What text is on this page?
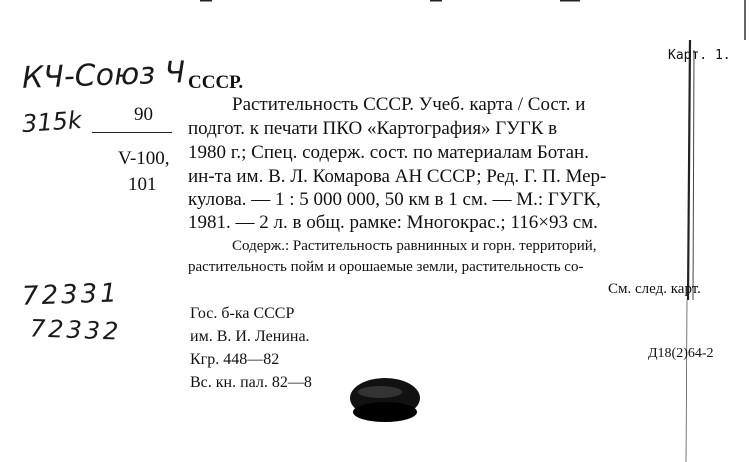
Карт. 1.
КЧ-Союз Ч
315k
72331
72332
90
V-100,
101
СССР.
Растительность СССР. Учеб. карта / Сост. и
подгот. к печати ПКО «Картография» ГУГК в
1980 г.; Спец. содерж. сост. по материалам Ботан.
ин-та им. В. Л. Комарова АН СССР; Ред. Г. П. Мер-
кулова. — 1 : 5 000 000, 50 км в 1 см. — М.: ГУГК,
1981. — 2 л. в общ. рамке: Многокрас.; 116×93 см.
Содерж.: Растительность равнинных и горн. территорий,
растительность пойм и орошаемые земли, растительность со-
См. след. карт.
Гос. б-ка СССР
им. В. И. Ленина.
Кгр. 448—82
Вс. кн. пал. 82—8
Д18(2)64-2
